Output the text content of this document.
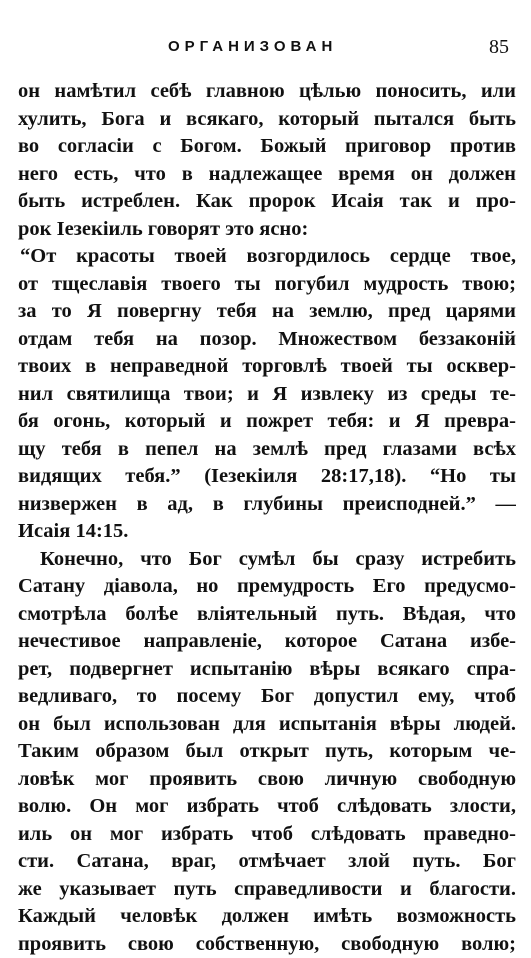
ОРГАНИЗОВАН	85
он намѣтил себѣ главною цѣлью поносить, или
хулить, Бога и всякаго, который пытался быть
во согласіи с Богом. Божый приговор против
него есть, что в надлежащее время он должен
быть истреблен. Как пророк Исаія так и про-
рок Іезекіиль говорят это ясно:
“От красоты твоей возгордилось сердце твое,
от тщеславія твоего ты погубил мудрость твою;
за то Я повергну тебя на землю, пред царями
отдам тебя на позор. Множеством беззаконій
твоих в неправедной торговлѣ твоей ты осквер-
нил святилища твои; и Я извлеку из среды те-
бя огонь, который и пожрет тебя: и Я превра-
щу тебя в пепел на землѣ пред глазами всѣх
видящих тебя.” (Іезекіиля 28:17,18). “Но ты
низвержен в ад, в глубины преисподней.” —
Исаія 14:15.
Конечно, что Бог сумѣл бы сразу истребить
Сатану діавола, но премудрость Его предусмо-
смотрѣла болѣе вліятельный путь. Вѣдая, что
нечестивое направленіе, которое Сатана избе-
рет, подвергнет испытанію вѣры всякаго спра-
ведливаго, то посему Бог допустил ему, чтоб
он был использован для испытанія вѣры людей.
Таким образом был открыт путь, которым че-
ловѣк мог проявить свою личную свободную
волю. Он мог избрать чтоб слѣдовать злости,
иль он мог избрать чтоб слѣдовать праведно-
сти. Сатана, враг, отмѣчает злой путь. Бог
же указывает путь справедливости и благости.
Каждый человѣк должен имѣть возможность
проявить свою собственную, свободную волю;
